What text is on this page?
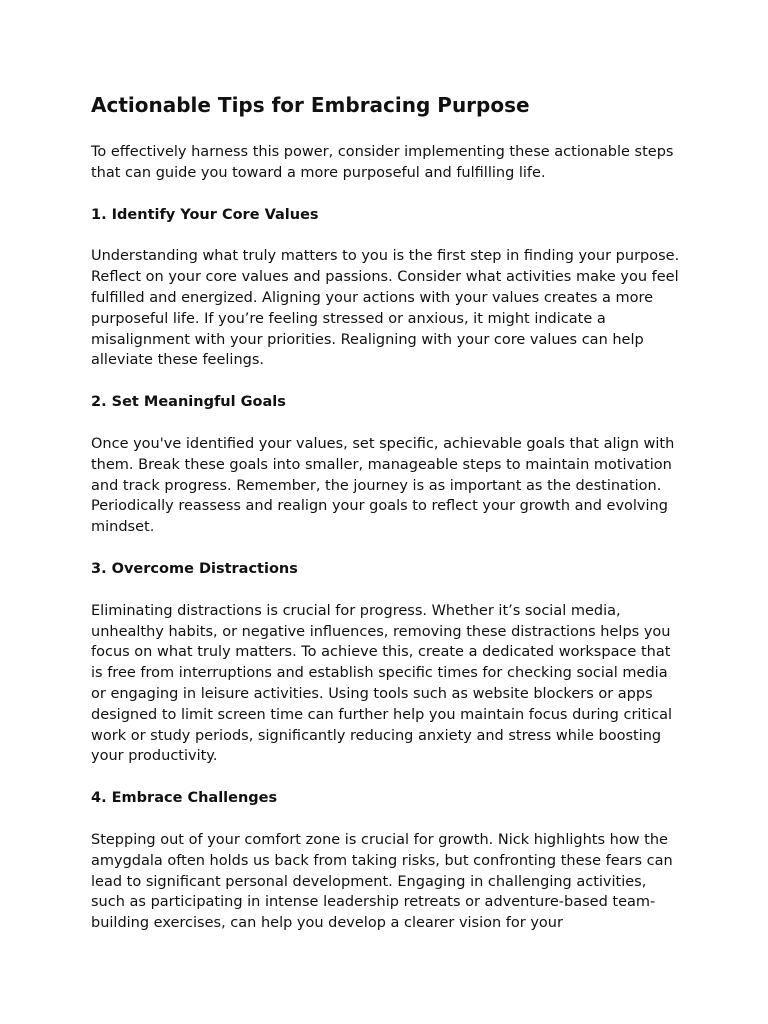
Actionable Tips for Embracing Purpose

To effectively harness this power, consider implementing these actionable steps that can guide you toward a more purposeful and fulfilling life.

1. Identify Your Core Values

Understanding what truly matters to you is the first step in finding your purpose. Reflect on your core values and passions. Consider what activities make you feel fulfilled and energized. Aligning your actions with your values creates a more purposeful life. If you’re feeling stressed or anxious, it might indicate a misalignment with your priorities. Realigning with your core values can help alleviate these feelings.

2. Set Meaningful Goals

Once you've identified your values, set specific, achievable goals that align with them. Break these goals into smaller, manageable steps to maintain motivation and track progress. Remember, the journey is as important as the destination. Periodically reassess and realign your goals to reflect your growth and evolving mindset.

3. Overcome Distractions

Eliminating distractions is crucial for progress. Whether it’s social media, unhealthy habits, or negative influences, removing these distractions helps you focus on what truly matters. To achieve this, create a dedicated workspace that is free from interruptions and establish specific times for checking social media or engaging in leisure activities. Using tools such as website blockers or apps designed to limit screen time can further help you maintain focus during critical work or study periods, significantly reducing anxiety and stress while boosting your productivity.

4. Embrace Challenges

Stepping out of your comfort zone is crucial for growth. Nick highlights how the amygdala often holds us back from taking risks, but confronting these fears can lead to significant personal development. Engaging in challenging activities, such as participating in intense leadership retreats or adventure-based team-building exercises, can help you develop a clearer vision for your
